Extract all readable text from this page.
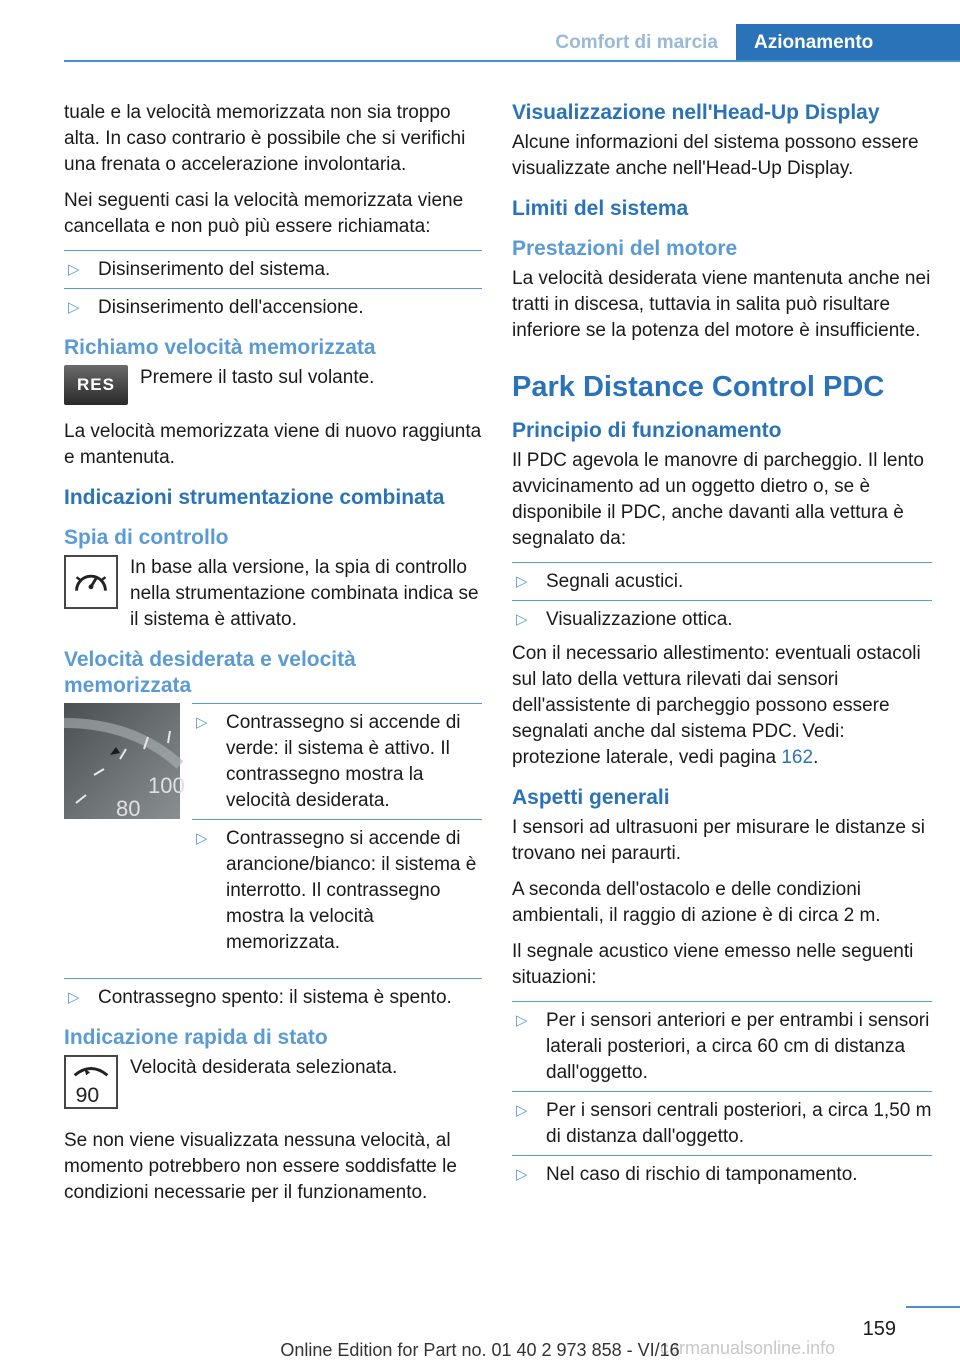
Comfort di marcia	Azionamento

tuale e la velocità memorizzata non sia troppo alta. In caso contrario è possibile che si verifichi una frenata o accelerazione involontaria.

Nei seguenti casi la velocità memorizzata viene cancellata e non può più essere richiamata:

▷ Disinserimento del sistema.
▷ Disinserimento dell'accensione.
Richiamo velocità memorizzata
RES	Premere il tasto sul volante.

La velocità memorizzata viene di nuovo raggiunta e mantenuta.

Indicazioni strumentazione combinata
Spia di controllo

In base alla versione, la spia di controllo nella strumentazione combinata indica se il sistema è attivato.

Velocità desiderata e velocità memorizzata
100
80
▷ Contrassegno si accende di verde: il sistema è attivo. Il contrassegno mostra la velocità desiderata.
▷ Contrassegno si accende di arancione/bianco: il sistema è interrotto. Il contrassegno mostra la velocità memorizzata.
▷ Contrassegno spento: il sistema è spento.
Indicazione rapida di stato
90

Velocità desiderata selezionata.

Se non viene visualizzata nessuna velocità, al momento potrebbero non essere soddisfatte le condizioni necessarie per il funzionamento.

Visualizzazione nell'Head-Up Display

Alcune informazioni del sistema possono essere visualizzate anche nell'Head-Up Display.

Limiti del sistema
Prestazioni del motore

La velocità desiderata viene mantenuta anche nei tratti in discesa, tuttavia in salita può risultare inferiore se la potenza del motore è insufficiente.

Park Distance Control PDC
Principio di funzionamento

Il PDC agevola le manovre di parcheggio. Il lento avvicinamento ad un oggetto dietro o, se è disponibile il PDC, anche davanti alla vettura è segnalato da:

▷ Segnali acustici.
▷ Visualizzazione ottica.

Con il necessario allestimento: eventuali ostacoli sul lato della vettura rilevati dai sensori dell'assistente di parcheggio possono essere segnalati anche dal sistema PDC. Vedi: protezione laterale, vedi pagina 162.

Aspetti generali

I sensori ad ultrasuoni per misurare le distanze si trovano nei paraurti.

A seconda dell'ostacolo e delle condizioni ambientali, il raggio di azione è di circa 2 m.

Il segnale acustico viene emesso nelle seguenti situazioni:

▷ Per i sensori anteriori e per entrambi i sensori laterali posteriori, a circa 60 cm di distanza dall'oggetto.
▷ Per i sensori centrali posteriori, a circa 1,50 m di distanza dall'oggetto.
▷ Nel caso di rischio di tamponamento.
159
carmanualsonline.info
Online Edition for Part no. 01 40 2 973 858 - VI/16
